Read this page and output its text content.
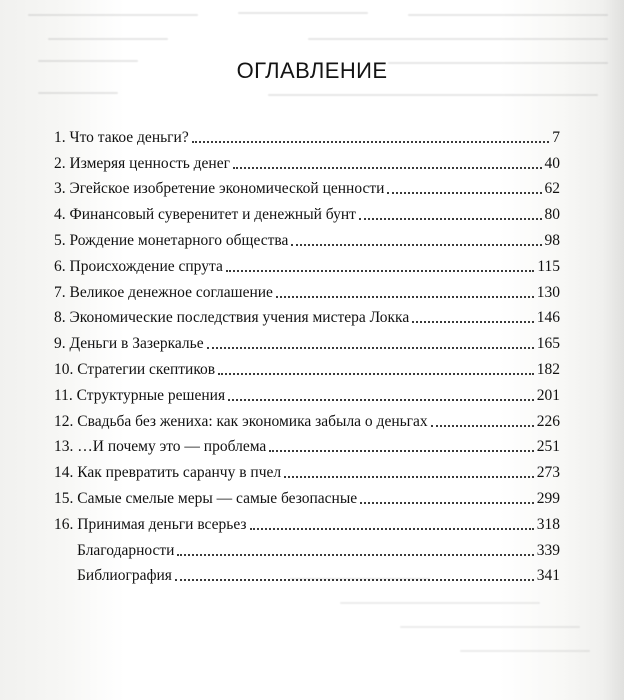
ОГЛАВЛЕНИЕ
1. Что такое деньги?	7
2. Измеряя ценность денег	40
3. Эгейское изобретение экономической ценности	62
4. Финансовый суверенитет и денежный бунт	80
5. Рождение монетарного общества	98
6. Происхождение спрута	115
7. Великое денежное соглашение	130
8. Экономические последствия учения мистера Локка	146
9. Деньги в Зазеркалье	165
10. Стратегии скептиков	182
11. Структурные решения	201
12. Свадьба без жениха: как экономика забыла о деньгах	226
13. …И почему это — проблема	251
14. Как превратить саранчу в пчел	273
15. Самые смелые меры — самые безопасные	299
16. Принимая деньги всерьез	318
Благодарности	339
Библиография	341
